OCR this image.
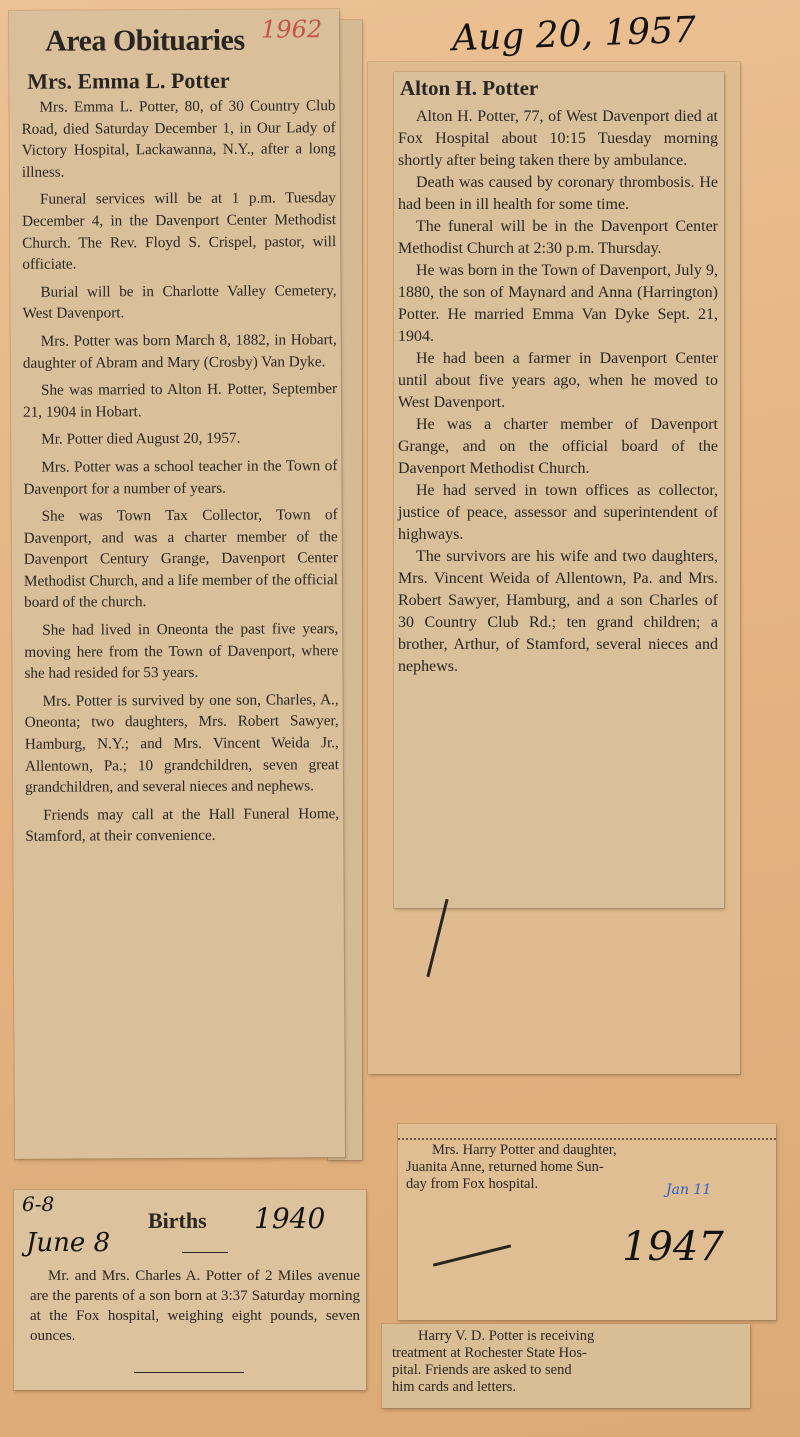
Area Obituaries 1962
Mrs. Emma L. Potter

Mrs. Emma L. Potter, 80, of 30 Country Club Road, died Saturday December 1, in Our Lady of Victory Hospital, Lackawanna, N.Y., after a long illness.

Funeral services will be at 1 p.m. Tuesday December 4, in the Davenport Center Methodist Church. The Rev. Floyd S. Crispel, pastor, will officiate.

Burial will be in Charlotte Valley Cemetery, West Davenport.

Mrs. Potter was born March 8, 1882, in Hobart, daughter of Abram and Mary (Crosby) Van Dyke.

She was married to Alton H. Potter, September 21, 1904 in Hobart.

Mr. Potter died August 20, 1957.

Mrs. Potter was a school teacher in the Town of Davenport for a number of years.

She was Town Tax Collector, Town of Davenport, and was a charter member of the Davenport Century Grange, Davenport Center Methodist Church, and a life member of the official board of the church.

She had lived in Oneonta the past five years, moving here from the Town of Davenport, where she had resided for 53 years.

Mrs. Potter is survived by one son, Charles, A., Oneonta; two daughters, Mrs. Robert Sawyer, Hamburg, N.Y.; and Mrs. Vincent Weida Jr., Allentown, Pa.; 10 grandchildren, seven great grandchildren, and several nieces and nephews.

Friends may call at the Hall Funeral Home, Stamford, at their convenience.

Aug 20, 1957
Alton H. Potter

Alton H. Potter, 77, of West Davenport died at Fox Hospital about 10:15 Tuesday morning shortly after being taken there by ambulance.

Death was caused by coronary thrombosis. He had been in ill health for some time.

The funeral will be in the Davenport Center Methodist Church at 2:30 p.m. Thursday.

He was born in the Town of Davenport, July 9, 1880, the son of Maynard and Anna (Harrington) Potter. He married Emma Van Dyke Sept. 21, 1904.

He had been a farmer in Davenport Center until about five years ago, when he moved to West Davenport.

He was a charter member of Davenport Grange, and on the official board of the Davenport Methodist Church.

He had served in town offices as collector, justice of peace, assessor and superintendent of highways.

The survivors are his wife and two daughters, Mrs. Vincent Weida of Allentown, Pa. and Mrs. Robert Sawyer, Hamburg, and a son Charles of 30 Country Club Rd.; ten grand children; a brother, Arthur, of Stamford, several nieces and nephews.

6-8
Births 1940
June 8

Mr. and Mrs. Charles A. Potter of 2 Miles avenue are the parents of a son born at 3:37 Saturday morning at the Fox hospital, weighing eight pounds, seven ounces.

Mrs. Harry Potter and daughter,
Juanita Anne, returned home Sun-
day from Fox hospital.	Jan 11
1947
Harry V. D. Potter is receiving
treatment at Rochester State Hos-
pital. Friends are asked to send
him cards and letters.
